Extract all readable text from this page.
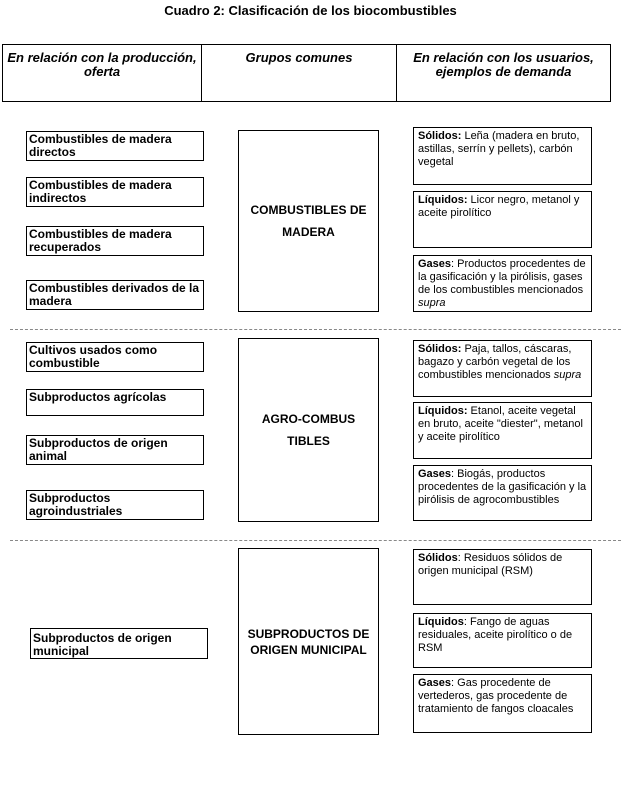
Cuadro 2: Clasificación de los biocombustibles
En relación con la producción, oferta
Grupos comunes	En relación con los usuarios, ejemplos de demanda
Combustibles de madera directos
Combustibles de madera indirectos
Combustibles de madera recuperados
Combustibles derivados de la madera
COMBUSTIBLES DE MADERA
Sólidos: Leña (madera en bruto, astillas, serrín y pellets), carbón vegetal
Líquidos: Licor negro, metanol y aceite pirolítico
Gases: Productos procedentes de la gasificación y la pirólisis, gases de los combustibles mencionados supra
Cultivos usados como combustible
Subproductos agrícolas
Subproductos de origen animal
Subproductos agroindustriales
AGRO-COMBUSTIBLES
Sólidos: Paja, tallos, cáscaras, bagazo y carbón vegetal de los combustibles mencionados supra
Líquidos: Etanol, aceite vegetal en bruto, aceite "diester", metanol y aceite pirolítico
Gases: Biogás, productos procedentes de la gasificación y la pirólisis de agrocombustibles
Subproductos de origen municipal
SUBPRODUCTOS DE ORIGEN MUNICIPAL
Sólidos: Residuos sólidos de origen municipal (RSM)
Líquidos: Fango de aguas residuales, aceite pirolítico o de RSM
Gases: Gas procedente de vertederos, gas procedente de tratamiento de fangos cloacales
